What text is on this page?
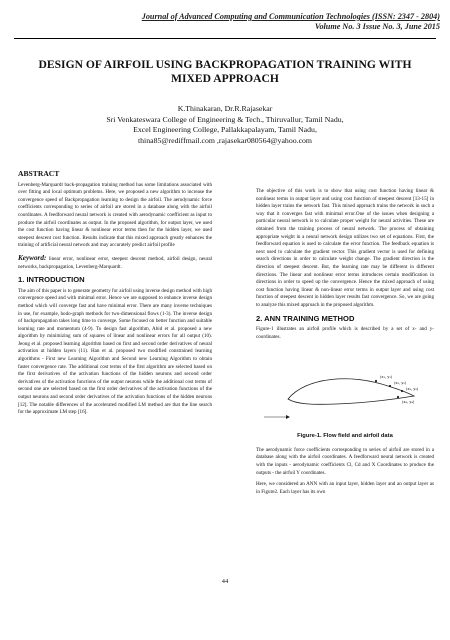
Journal of Advanced Computing and Communication Technologies (ISSN: 2347 - 2804)
Volume No. 3 Issue No. 3, June 2015
DESIGN OF AIRFOIL USING BACKPROPAGATION TRAINING WITH MIXED APPROACH
K.Thinakaran, Dr.R.Rajasekar
Sri Venkateswara College of Engineering & Tech., Thiruvallur, Tamil Nadu,
Excel Engineering College, Pallakkapalayam, Tamil Nadu,
thina85@rediffmail.com ,rajasekar080564@yahoo.com
ABSTRACT
Levenberg-Marquardt back-propagation training method has some limitations associated with over fitting and local optimum problems. Here, we proposed a new algorithm to increase the convergence speed of Backpropagation learning to design the airfoil. The aerodynamic force coefficients corresponding to series of airfoil are stored in a database along with the airfoil coordinates. A feedforward neural network is created with aerodynamic coefficient as input to produce the airfoil coordinates as output. In the proposed algorithm, for output layer, we used the cost function having linear & nonlinear error terms then for the hidden layer, we used steepest descent cost function. Results indicate that this mixed approach greatly enhances the training of artificial neural network and may accurately predict airfoil profile
Keyword: linear error, nonlinear error, steepest descent method, airfoil design, neural networks, backpropagation, Levenberg-Marquardt.
1. INTRODUCTION
The aim of this paper is to generate geometry for airfoil using inverse design method with high convergence speed and with minimal error. Hence we are supposed to enhance inverse design method which will converge fast and have minimal error. There are many inverse techniques in use, for example, hodo-graph methods for two-dimensional flows (1-3). The inverse design of backpropagation takes long time to converge. Some focused on better function and suitable learning rate and momentum (4-9). To design fast algorithm, Abid et al. proposed a new algorithm by minimizing sum of squares of linear and nonlinear errors for all output (10). Jeong et al. proposed learning algorithm based on first and second order derivatives of neural activation at hidden layers (11). Han et al. proposed two modified constrained learning algorithms - First new Learning Algorithm and Second new Learning Algorithm to obtain faster convergence rate. The additional cost terms of the first algorithm are selected based on the first derivatives of the activation functions of the hidden neurons and second order derivatives of the activation functions of the output neurons while the additional cost terms of second one are selected based on the first order derivatives of the activation functions of the output neurons and second order derivatives of the activation functions of the hidden neurons [12]. The notable differences of the accelerated modified LM method are that the line search for the approximate LM step [16].
The objective of this work is to show that using cost function having linear & nonlinear terms in output layer and using cost function of steepest descent [13-15] in hidden layer trains the network fast. This mixed approach trains the network in such a way that it converges fast with minimal error.One of the issues when designing a particular neural network is to calculate proper weight for neural activities. These are obtained from the training process of neural network. The process of obtaining appropriate weight in a neural network design utilizes two set of equations. First, the feedforward equation is used to calculate the error function. The feedback equation is next used to calculate the gradient vector. This gradient vector is used for defining search directions in order to calculate weight change. The gradient direction is the direction of steepest descent. But, the learning rate may be different in different directions. The linear and nonlinear error terms introduces certain modification in directions in order to speed up the convergence. Hence the mixed approach of using cost function having linear & non-linear error terms in output layer and using cost function of steepest descent in hidden layer results fast convergence. So, we are going to analyze this mixed approach in the proposed algorithm.
2. ANN TRAINING METHOD
Figure-1 illustrates an airfoil profile which is described by a set of x- and y-coordinates.
(x₁, y₁)
(x₂, y₂)
(x₃, y₃)
(x₄, y₄)
Figure-1. Flow field and airfoil data
The aerodynamic force coefficients corresponding to series of airfoil are stored in a database along with the airfoil coordinates. A feedforward neural network is created with the inputs - aerodynamic coefficients Cl, Cd and X Coordinates to produce the outputs - the airfoil Y coordinates.
Here, we considered an ANN with an input layer, hidden layer and an output layer as in Figure2. Each layer has its own
44
